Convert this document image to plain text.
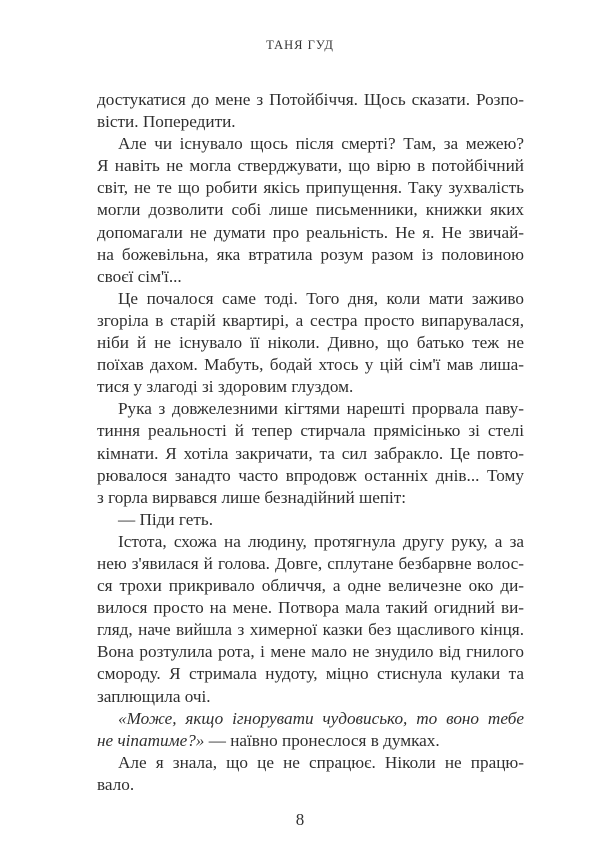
ТАНЯ ГУД
достукатися до мене з Потойбіччя. Щось сказати. Розпо-
вісти. Попередити.
Але чи існувало щось після смерті? Там, за межею?
Я навіть не могла стверджувати, що вірю в потойбічний
світ, не те що робити якісь припущення. Таку зухвалість
могли дозволити собі лише письменники, книжки яких
допомагали не думати про реальність. Не я. Не звичай-
на божевільна, яка втратила розум разом із половиною
своєї сім'ї...
Це почалося саме тоді. Того дня, коли мати заживо
згоріла в старій квартирі, а сестра просто випарувалася,
ніби й не існувало її ніколи. Дивно, що батько теж не
поїхав дахом. Мабуть, бодай хтось у цій сім'ї мав лиша-
тися у злагоді зі здоровим глуздом.
Рука з довжелезними кігтями нарешті прорвала паву-
тиння реальності й тепер стирчала прямісінько зі стелі
кімнати. Я хотіла закричати, та сил забракло. Це повто-
рювалося занадто часто впродовж останніх днів... Тому
з горла вирвався лише безнадійний шепіт:
— Піди геть.
Істота, схожа на людину, протягнула другу руку, а за
нею з'явилася й голова. Довге, сплутане безбарвне волос-
ся трохи прикривало обличчя, а одне величезне око ди-
вилося просто на мене. Потвора мала такий огидний ви-
гляд, наче вийшла з химерної казки без щасливого кінця.
Вона розтулила рота, і мене мало не знудило від гнилого
смороду. Я стримала нудоту, міцно стиснула кулаки та
заплющила очі.
«Може, якщо ігнорувати чудовисько, то воно тебе
не чіпатиме?» — наївно пронеслося в думках.
Але я знала, що це не спрацює. Ніколи не працю-
вало.
8
